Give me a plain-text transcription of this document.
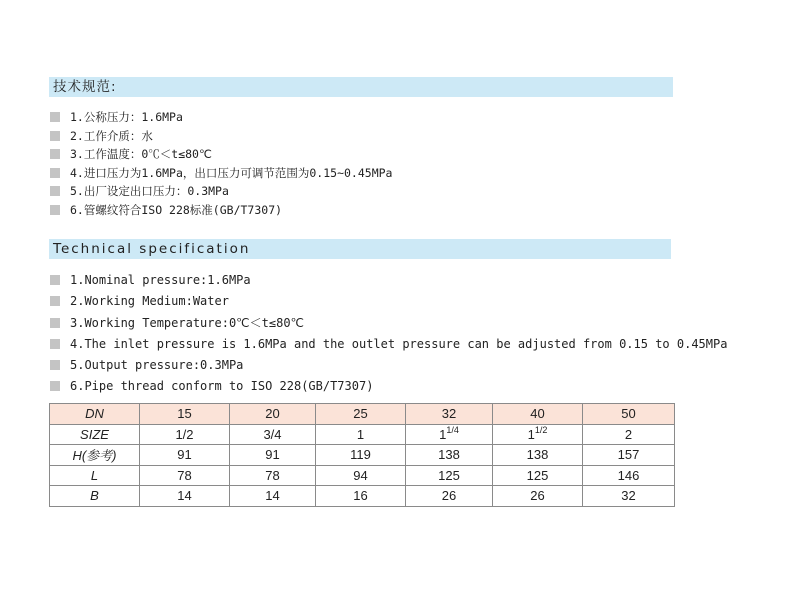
技术规范:
1.公称压力：1.6MPa
2.工作介质：水
3.工作温度：0℃＜t≤80℃
4.进口压力为1.6MPa，出口压力可调节范围为0.15~0.45MPa
5.出厂设定出口压力：0.3MPa
6.管螺纹符合ISO 228标准(GB/T7307)
Technical specification
1.Nominal pressure:1.6MPa
2.Working Medium:Water
3.Working Temperature:0℃＜t≤80℃
4.The inlet pressure is 1.6MPa and the outlet pressure can be adjusted from 0.15 to 0.45MPa
5.Output pressure:0.3MPa
6.Pipe thread conform to ISO 228(GB/T7307)
DN	15	20	25	32	40	50
SIZE	1/2	3/4	1	$1^{1/4}$	$1^{1/2}$	2
H(参考)	91	91	119	138	138	157
L	78	78	94	125	125	146
B	14	14	16	26	26	32
